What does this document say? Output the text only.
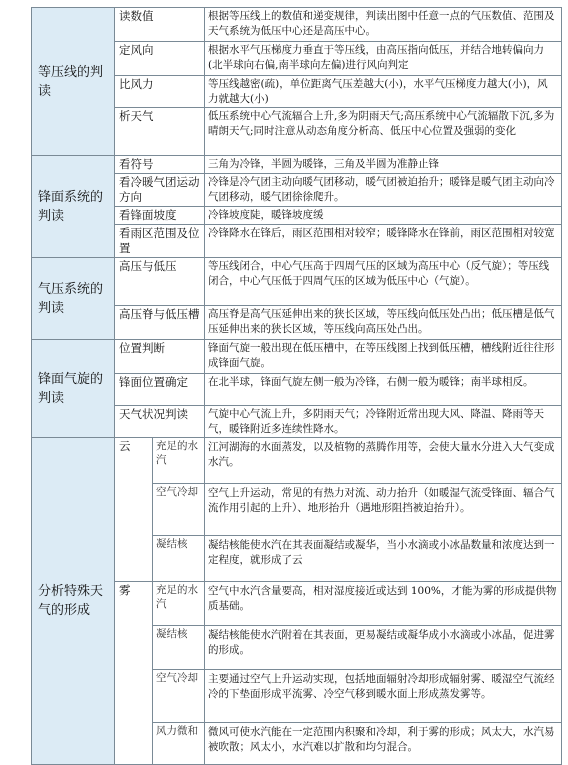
等压线的判读	读数值		根据等压线上的数值和递变规律，判读出图中任意一点的气压数值、范围及天气系统为低压中心还是高压中心。
	定风向		根据水平气压梯度力垂直于等压线，由高压指向低压，并结合地转偏向力(北半球向右偏,南半球向左偏)进行风向判定
	比风力		等压线越密(疏)，单位距离气压差越大(小)，水平气压梯度力越大(小)，风力就越大(小)
	析天气		低压系统中心气流辐合上升,多为阴雨天气;高压系统中心气流辐散下沉,多为晴朗天气;同时注意从动态角度分析高、低压中心位置及强弱的变化
锋面系统的判读	看符号		三角为冷锋，半圆为暖锋，三角及半圆为准静止锋
	看冷暖气团运动方向		冷锋是冷气团主动向暖气团移动，暖气团被迫抬升；暖锋是暖气团主动向冷气团移动，暖气团徐徐爬升。
	看锋面坡度		冷锋坡度陡，暖锋坡度缓
	看雨区范围及位置		冷锋降水在锋后，雨区范围相对较窄；暖锋降水在锋前，雨区范围相对较宽
气压系统的判读	高压与低压		等压线闭合，中心气压高于四周气压的区域为高压中心（反气旋）；等压线闭合，中心气压低于四周气压的区域为低压中心（气旋）。
	高压脊与低压槽		高压脊是高气压延伸出来的狭长区域，等压线向低压处凸出；低压槽是低气压延伸出来的狭长区域，等压线向高压处凸出。
锋面气旋的判读	位置判断		锋面气旋一般出现在低压槽中，在等压线图上找到低压槽，槽线附近往往形成锋面气旋。
	锋面位置确定		在北半球，锋面气旋左侧一般为冷锋，右侧一般为暖锋；南半球相反。
	天气状况判读		气旋中心气流上升，多阴雨天气；冷锋附近常出现大风、降温、降雨等天气，暖锋附近多连续性降水。
分析特殊天气的形成	云	充足的水汽	江河湖海的水面蒸发，以及植物的蒸腾作用等，会使大量水分进入大气变成水汽。
		空气冷却	空气上升运动，常见的有热力对流、动力抬升（如暖湿气流受锋面、辐合气流作用引起的上升）、地形抬升（遇地形阻挡被迫抬升）。
		凝结核	凝结核能使水汽在其表面凝结或凝华，当小水滴或小冰晶数量和浓度达到一定程度，就形成了云
	雾	充足的水汽	空气中水汽含量要高，相对湿度接近或达到 100%，才能为雾的形成提供物质基础。
		凝结核	凝结核能使水汽附着在其表面，更易凝结或凝华成小水滴或小冰晶，促进雾的形成。
		空气冷却	主要通过空气上升运动实现，包括地面辐射冷却形成辐射雾、暖湿空气流经冷的下垫面形成平流雾、冷空气移到暖水面上形成蒸发雾等。
		风力微和	微风可使水汽能在一定范围内积聚和冷却，利于雾的形成；风太大，水汽易被吹散；风太小，水汽难以扩散和均匀混合。
